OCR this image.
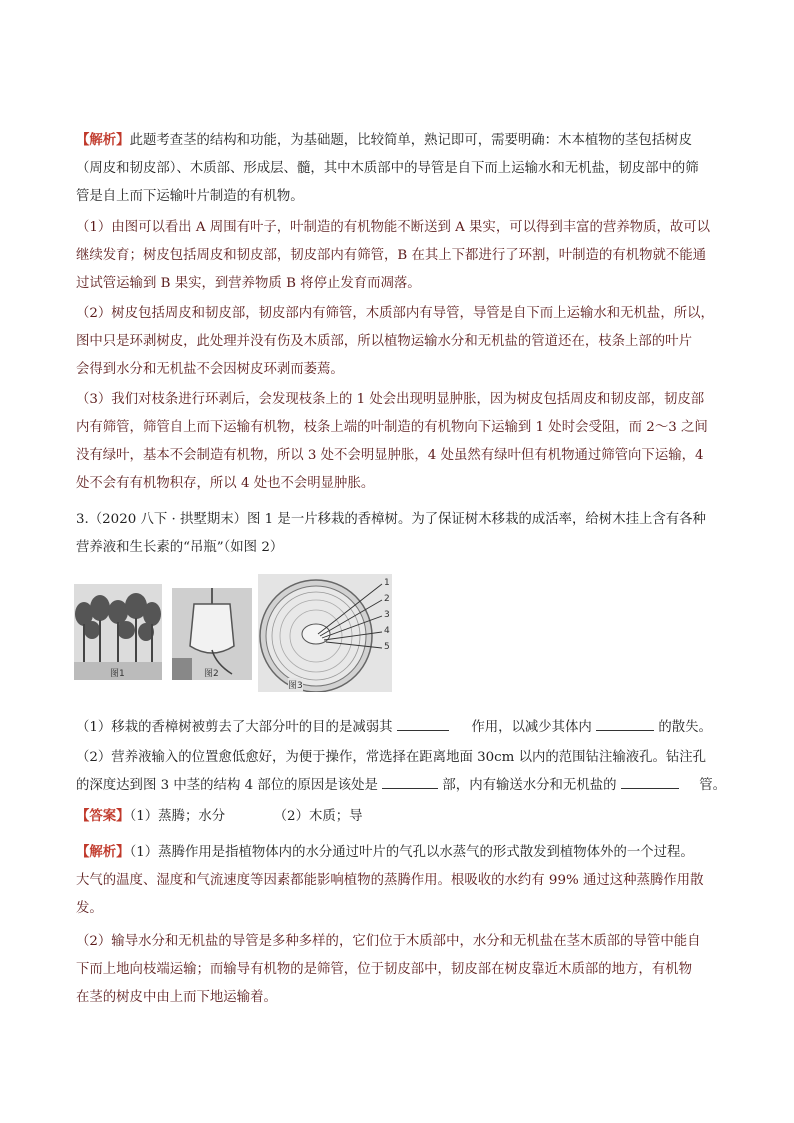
【解析】此题考查茎的结构和功能，为基础题，比较简单，熟记即可，需要明确：木本植物的茎包括树皮
（周皮和韧皮部）、木质部、形成层、髓，其中木质部中的导管是自下而上运输水和无机盐，韧皮部中的筛
管是自上而下运输叶片制造的有机物。
（1）由图可以看出 A 周围有叶子，叶制造的有机物能不断送到 A 果实，可以得到丰富的营养物质，故可以
继续发育；树皮包括周皮和韧皮部，韧皮部内有筛管，B 在其上下都进行了环割，叶制造的有机物就不能通
过试管运输到 B 果实，到营养物质 B 将停止发育而凋落。
（2）树皮包括周皮和韧皮部，韧皮部内有筛管，木质部内有导管，导管是自下而上运输水和无机盐，所以，
图中只是环剥树皮，此处理并没有伤及木质部，所以植物运输水分和无机盐的管道还在，枝条上部的叶片
会得到水分和无机盐不会因树皮环剥而萎蔫。
（3）我们对枝条进行环剥后，会发现枝条上的 1 处会出现明显肿胀，因为树皮包括周皮和韧皮部，韧皮部
内有筛管，筛管自上而下运输有机物，枝条上端的叶制造的有机物向下运输到 1 处时会受阻，而 2～3 之间
没有绿叶，基本不会制造有机物，所以 3 处不会明显肿胀，4 处虽然有绿叶但有机物通过筛管向下运输，4
处不会有有机物积存，所以 4 处也不会明显肿胀。
3.（2020 八下 · 拱墅期末）图 1 是一片移栽的香樟树。为了保证树木移栽的成活率，给树木挂上含有各种
营养液和生长素的“吊瓶”（如图 2）
图1	图2
1
2
3
4
5
图3
（1）移栽的香樟树被剪去了大部分叶的目的是减弱其	作用，以减少其体内	的散失。
（2）营养液输入的位置愈低愈好，为便于操作，常选择在距离地面 30cm 以内的范围钻注输液孔。钻注孔
的深度达到图 3 中茎的结构 4 部位的原因是该处是	部，内有输送水分和无机盐的	管。
【答案】（1）蒸腾；水分	（2）木质；导
【解析】（1）蒸腾作用是指植物体内的水分通过叶片的气孔以水蒸气的形式散发到植物体外的一个过程。
大气的温度、湿度和气流速度等因素都能影响植物的蒸腾作用。根吸收的水约有 99% 通过这种蒸腾作用散
发。
（2）输导水分和无机盐的导管是多种多样的，它们位于木质部中，水分和无机盐在茎木质部的导管中能自
下而上地向枝端运输；而输导有机物的是筛管，位于韧皮部中，韧皮部在树皮靠近木质部的地方，有机物
在茎的树皮中由上而下地运输着。
